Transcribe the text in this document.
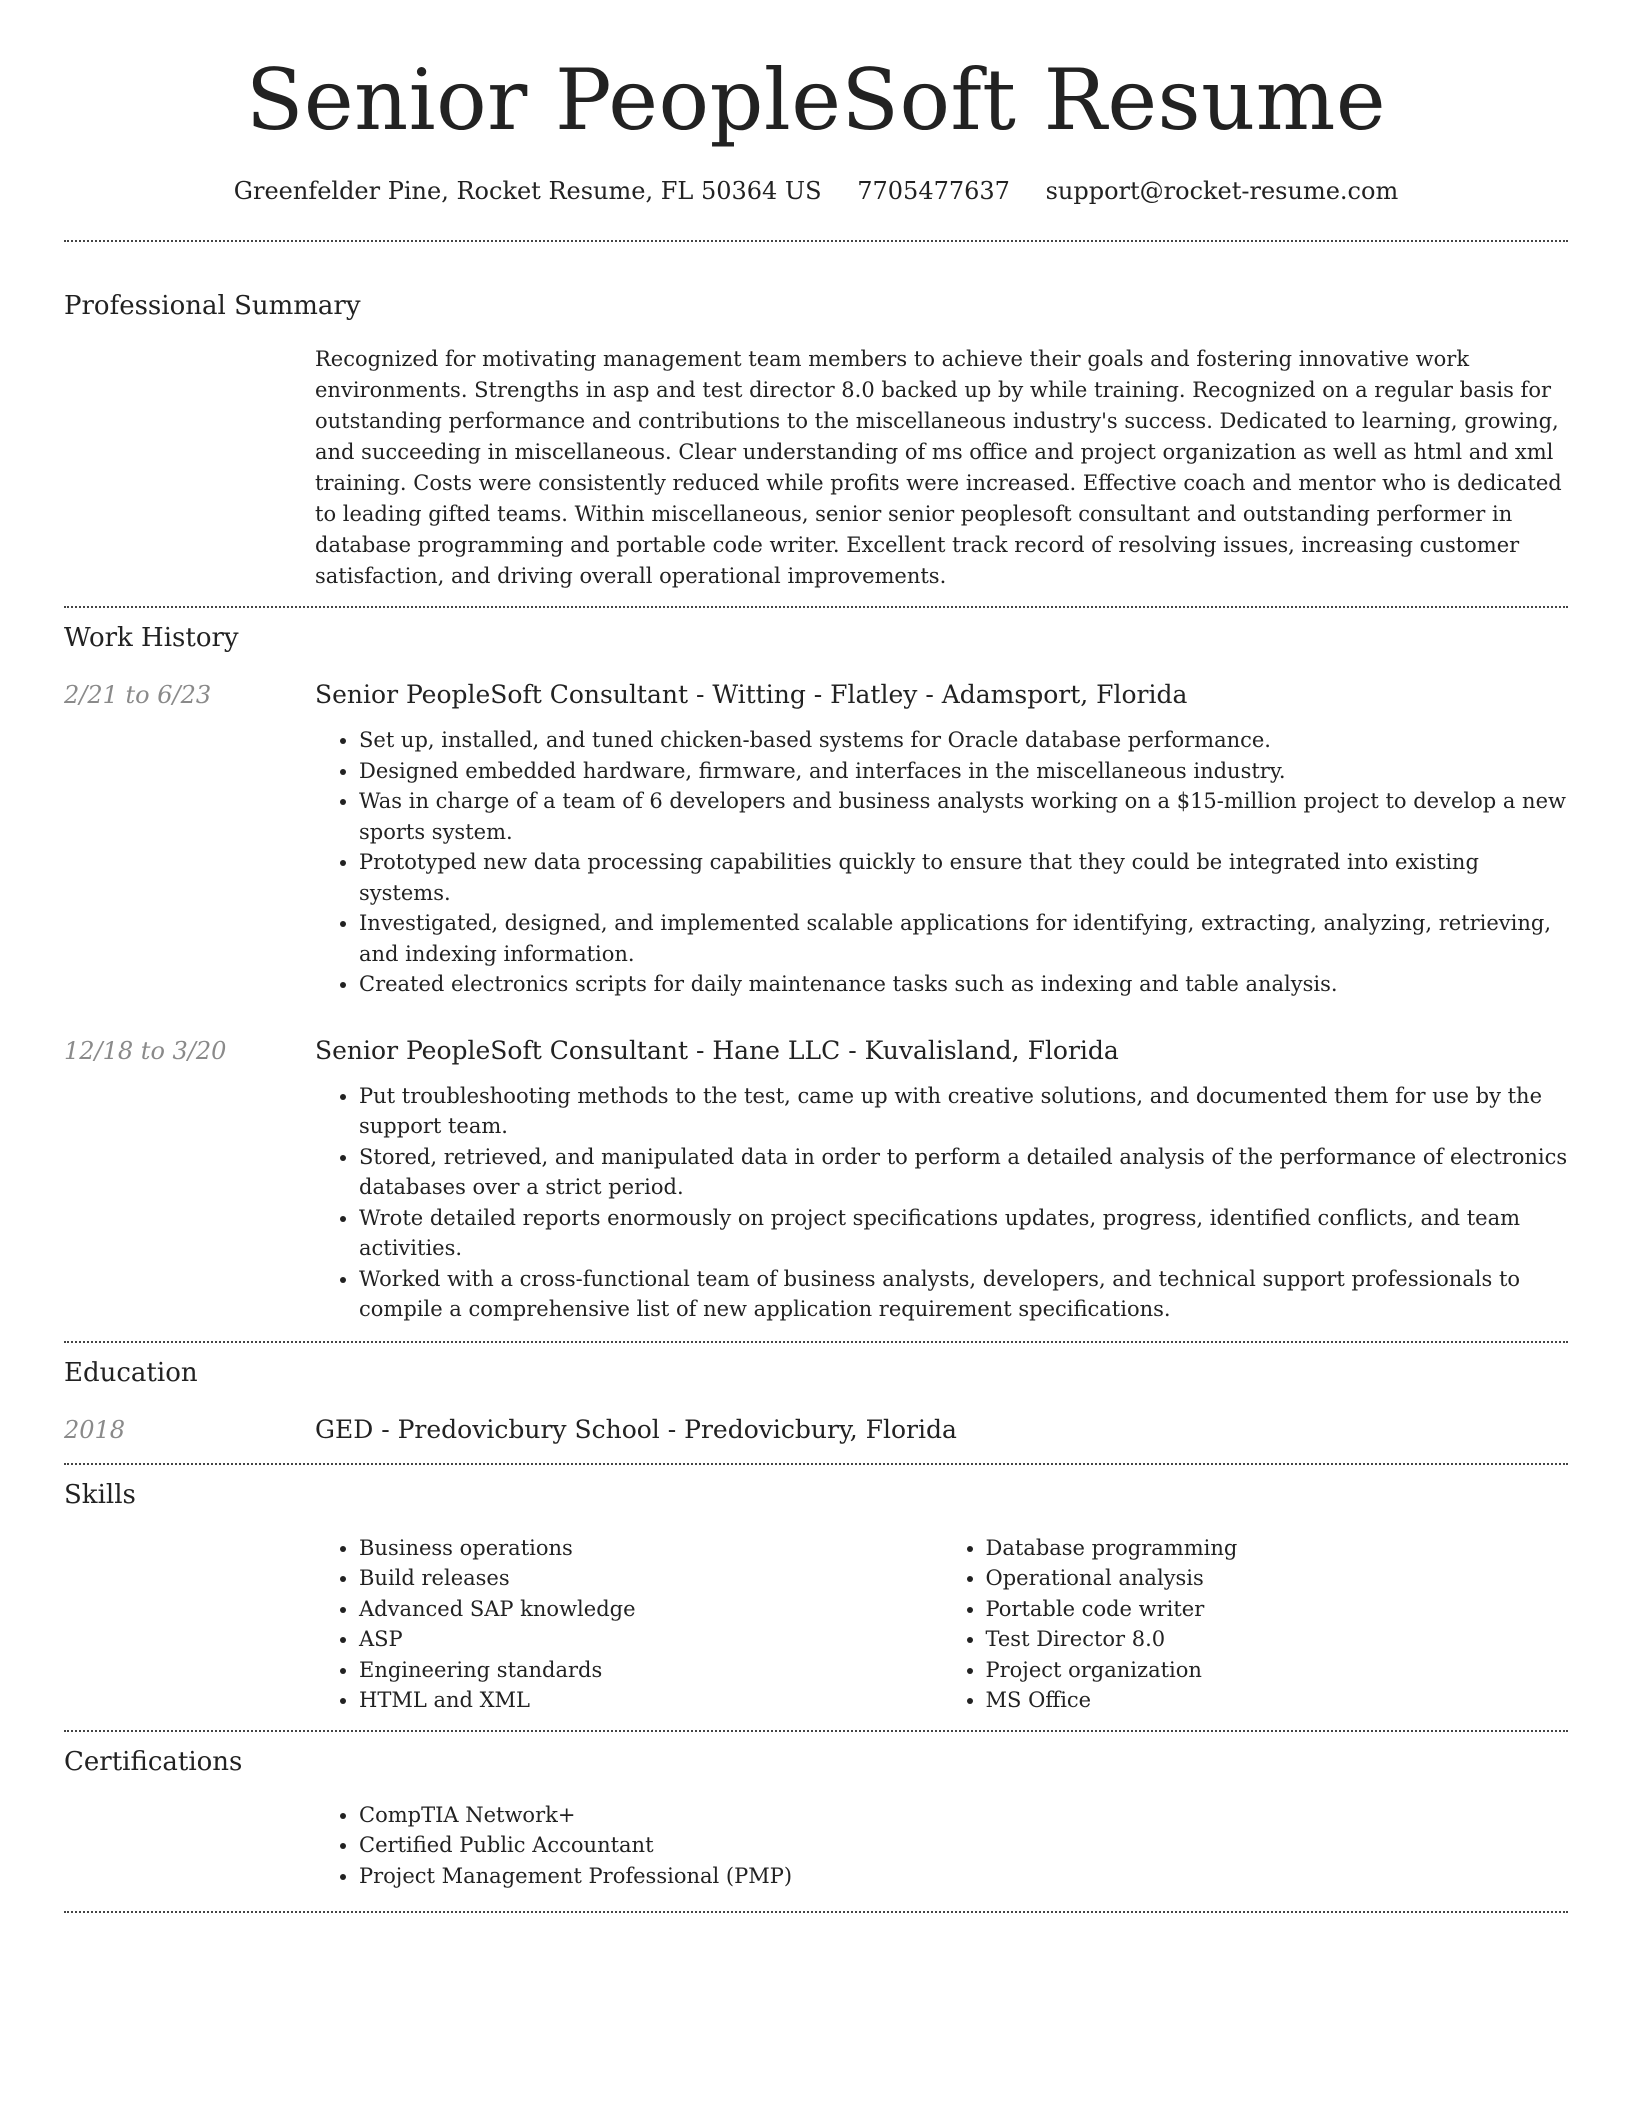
Senior PeopleSoft Resume
Greenfelder Pine, Rocket Resume, FL 50364 US 7705477637 support@rocket-resume.com
Professional Summary

Recognized for motivating management team members to achieve their goals and fostering innovative work environments. Strengths in asp and test director 8.0 backed up by while training. Recognized on a regular basis for outstanding performance and contributions to the miscellaneous industry's success. Dedicated to learning, growing, and succeeding in miscellaneous. Clear understanding of ms office and project organization as well as html and xml training. Costs were consistently reduced while profits were increased. Effective coach and mentor who is dedicated to leading gifted teams. Within miscellaneous, senior senior peoplesoft consultant and outstanding performer in database programming and portable code writer. Excellent track record of resolving issues, increasing customer satisfaction, and driving overall operational improvements.

Work History
2/21 to 6/23	Senior PeopleSoft Consultant - Witting - Flatley - Adamsport, Florida

• Set up, installed, and tuned chicken-based systems for Oracle database performance.
• Designed embedded hardware, firmware, and interfaces in the miscellaneous industry.
• Was in charge of a team of 6 developers and business analysts working on a $15-million project to develop a new sports system.
• Prototyped new data processing capabilities quickly to ensure that they could be integrated into existing systems.
• Investigated, designed, and implemented scalable applications for identifying, extracting, analyzing, retrieving, and indexing information.
• Created electronics scripts for daily maintenance tasks such as indexing and table analysis.
12/18 to 3/20	Senior PeopleSoft Consultant - Hane LLC - Kuvalisland, Florida

• Put troubleshooting methods to the test, came up with creative solutions, and documented them for use by the support team.
• Stored, retrieved, and manipulated data in order to perform a detailed analysis of the performance of electronics databases over a strict period.
• Wrote detailed reports enormously on project specifications updates, progress, identified conflicts, and team activities.
• Worked with a cross-functional team of business analysts, developers, and technical support professionals to compile a comprehensive list of new application requirement specifications.
Education
2018	GED - Predovicbury School - Predovicbury, Florida

Skills
• Business operations
• Build releases
• Advanced SAP knowledge
• ASP
• Engineering standards
• HTML and XML
• Database programming
• Operational analysis
• Portable code writer
• Test Director 8.0
• Project organization
• MS Office
Certifications
• CompTIA Network+
• Certified Public Accountant
• Project Management Professional (PMP)
